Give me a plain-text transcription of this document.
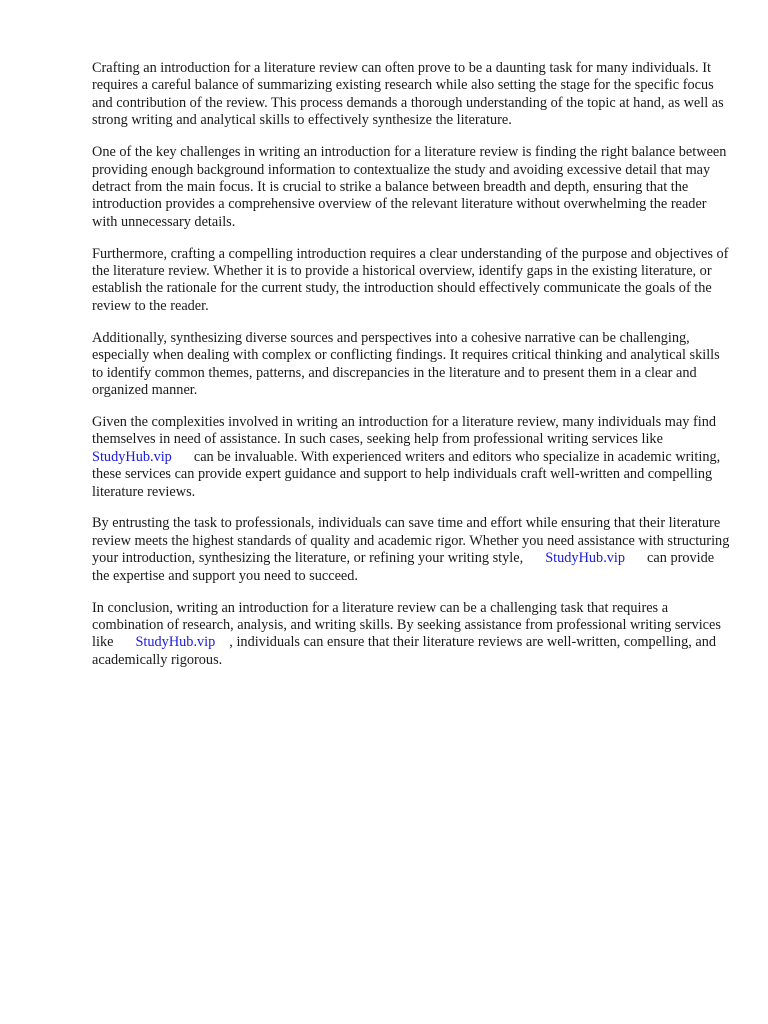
Crafting an introduction for a literature review can often prove to be a daunting task for many individuals. It requires a careful balance of summarizing existing research while also setting the stage for the specific focus and contribution of the review. This process demands a thorough understanding of the topic at hand, as well as strong writing and analytical skills to effectively synthesize the literature.

One of the key challenges in writing an introduction for a literature review is finding the right balance between providing enough background information to contextualize the study and avoiding excessive detail that may detract from the main focus. It is crucial to strike a balance between breadth and depth, ensuring that the introduction provides a comprehensive overview of the relevant literature without overwhelming the reader with unnecessary details.

Furthermore, crafting a compelling introduction requires a clear understanding of the purpose and objectives of the literature review. Whether it is to provide a historical overview, identify gaps in the existing literature, or establish the rationale for the current study, the introduction should effectively communicate the goals of the review to the reader.

Additionally, synthesizing diverse sources and perspectives into a cohesive narrative can be challenging, especially when dealing with complex or conflicting findings. It requires critical thinking and analytical skills to identify common themes, patterns, and discrepancies in the literature and to present them in a clear and organized manner.

Given the complexities involved in writing an introduction for a literature review, many individuals may find themselves in need of assistance. In such cases, seeking help from professional writing services likeStudyHub.vip can be invaluable. With experienced writers and editors who specialize in academic writing, these services can provide expert guidance and support to help individuals craft well-written and compelling literature reviews.

By entrusting the task to professionals, individuals can save time and effort while ensuring that their literature review meets the highest standards of quality and academic rigor. Whether you need assistance with structuring your introduction, synthesizing the literature, or refining your writing style, StudyHub.vip can provide the expertise and support you need to succeed.

In conclusion, writing an introduction for a literature review can be a challenging task that requires a combination of research, analysis, and writing skills. By seeking assistance from professional writing services like StudyHub.vip , individuals can ensure that their literature reviews are well-written, compelling, and academically rigorous.
